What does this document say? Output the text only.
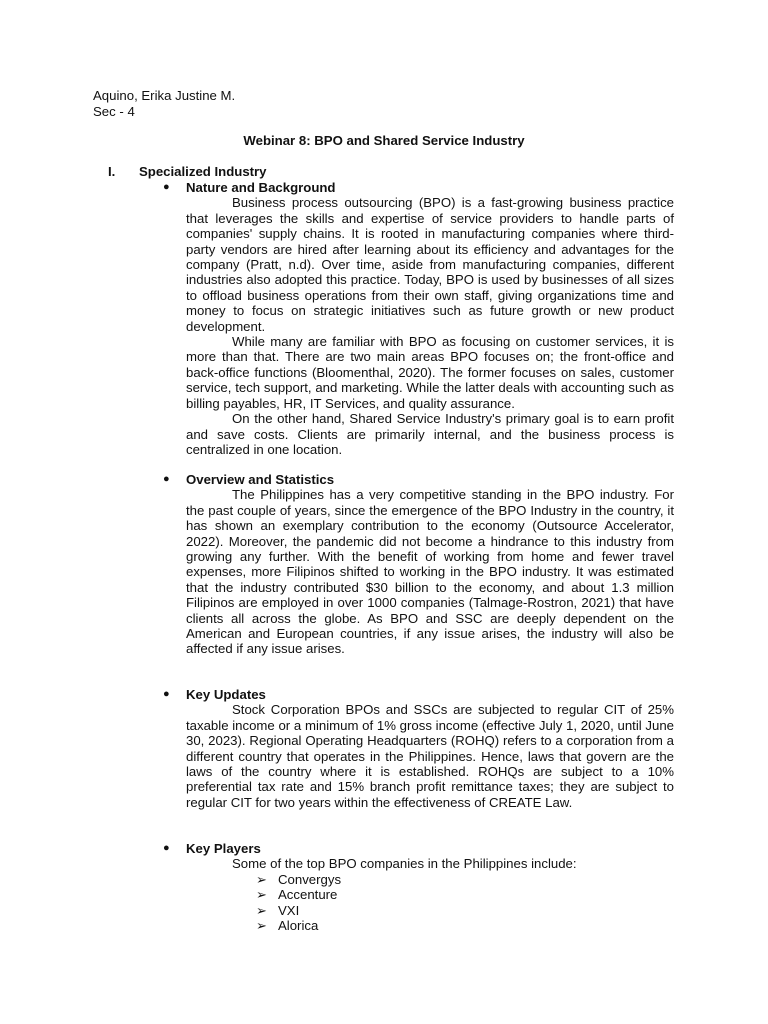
Aquino, Erika Justine M.
Sec - 4
Webinar 8: BPO and Shared Service Industry
I. Specialized Industry
● Nature and Background

Business process outsourcing (BPO) is a fast-growing business practice that leverages the skills and expertise of service providers to handle parts of companies' supply chains. It is rooted in manufacturing companies where third-party vendors are hired after learning about its efficiency and advantages for the company (Pratt, n.d). Over time, aside from manufacturing companies, different industries also adopted this practice. Today, BPO is used by businesses of all sizes to offload business operations from their own staff, giving organizations time and money to focus on strategic initiatives such as future growth or new product development.

While many are familiar with BPO as focusing on customer services, it is more than that. There are two main areas BPO focuses on; the front-office and back-office functions (Bloomenthal, 2020). The former focuses on sales, customer service, tech support, and marketing. While the latter deals with accounting such as billing payables, HR, IT Services, and quality assurance.

On the other hand, Shared Service Industry's primary goal is to earn profit and save costs. Clients are primarily internal, and the business process is centralized in one location.

● Overview and Statistics

The Philippines has a very competitive standing in the BPO industry. For the past couple of years, since the emergence of the BPO Industry in the country, it has shown an exemplary contribution to the economy (Outsource Accelerator, 2022). Moreover, the pandemic did not become a hindrance to this industry from growing any further. With the benefit of working from home and fewer travel expenses, more Filipinos shifted to working in the BPO industry. It was estimated that the industry contributed $30 billion to the economy, and about 1.3 million Filipinos are employed in over 1000 companies (Talmage-Rostron, 2021) that have clients all across the globe. As BPO and SSC are deeply dependent on the American and European countries, if any issue arises, the industry will also be affected if any issue arises.

● Key Updates

Stock Corporation BPOs and SSCs are subjected to regular CIT of 25% taxable income or a minimum of 1% gross income (effective July 1, 2020, until June 30, 2023). Regional Operating Headquarters (ROHQ) refers to a corporation from a different country that operates in the Philippines. Hence, laws that govern are the laws of the country where it is established. ROHQs are subject to a 10% preferential tax rate and 15% branch profit remittance taxes; they are subject to regular CIT for two years within the effectiveness of CREATE Law.

● Key Players

Some of the top BPO companies in the Philippines include:

➢ Convergys
➢ Accenture
➢ VXI
➢ Alorica
